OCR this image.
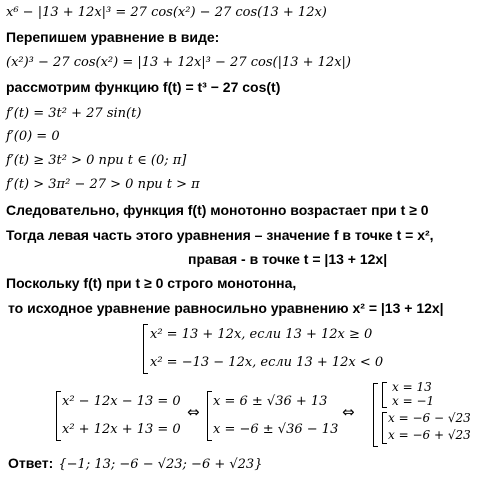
x⁶ − |13 + 12x|³ = 27 cos(x²) − 27 cos(13 + 12x)
Перепишем уравнение в виде:
(x²)³ − 27 cos(x²) = |13 + 12x|³ − 27 cos(|13 + 12x|)
рассмотрим функцию f(t) = t³ − 27 cos(t)
f′(t) = 3t² + 27 sin(t)
f′(0) = 0
f′(t) ≥ 3t² > 0 при t ∈ (0; π]
f′(t) > 3π² − 27 > 0 при t > π
Следовательно, функция f(t) монотонно возрастает при t ≥ 0
Тогда левая часть этого уравнения – значение f в точке t = x²,
правая - в точке t = |13 + 12x|
Поскольку f(t) при t ≥ 0 строго монотонна,
то исходное уравнение равносильно уравнению x² = |13 + 12x|
x² = 13 + 12x, если 13 + 12x ≥ 0
x² = −13 − 12x, если 13 + 12x < 0
x² − 12x − 13 = 0
x² + 12x + 13 = 0
⇔
x = 6 ± √36 + 13
x = −6 ± √36 − 13
⇔
x = 13
x = −1
x = −6 − √23
x = −6 + √23
Ответ: {−1; 13; −6 − √23; −6 + √23}
